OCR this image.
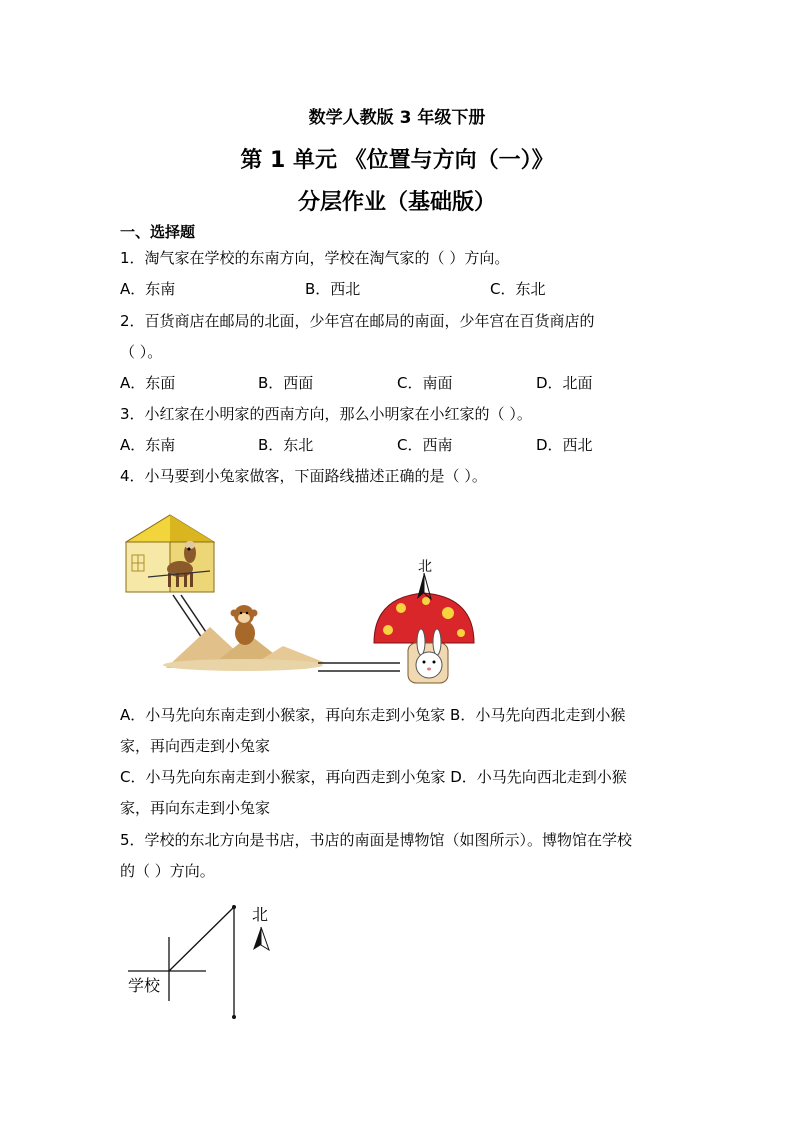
数学人教版 3 年级下册
第 1 单元 《位置与方向（一）》
分层作业（基础版）
一、选择题
1．淘气家在学校的东南方向，学校在淘气家的（ ）方向。
A．东南	B．西北	C．东北
2．百货商店在邮局的北面，少年宫在邮局的南面，少年宫在百货商店的
（ ）。
A．东面	B．西面	C．南面	D．北面
3．小红家在小明家的西南方向，那么小明家在小红家的（ ）。
A．东南	B．东北	C．西南	D．西北
4．小马要到小兔家做客，下面路线描述正确的是（ ）。
北
A．小马先向东南走到小猴家，再向东走到小兔家 B．小马先向西北走到小猴
家，再向西走到小兔家
C．小马先向东南走到小猴家，再向西走到小兔家 D．小马先向西北走到小猴
家，再向东走到小兔家
5．学校的东北方向是书店，书店的南面是博物馆（如图所示）。博物馆在学校
的（ ）方向。
北
学校
